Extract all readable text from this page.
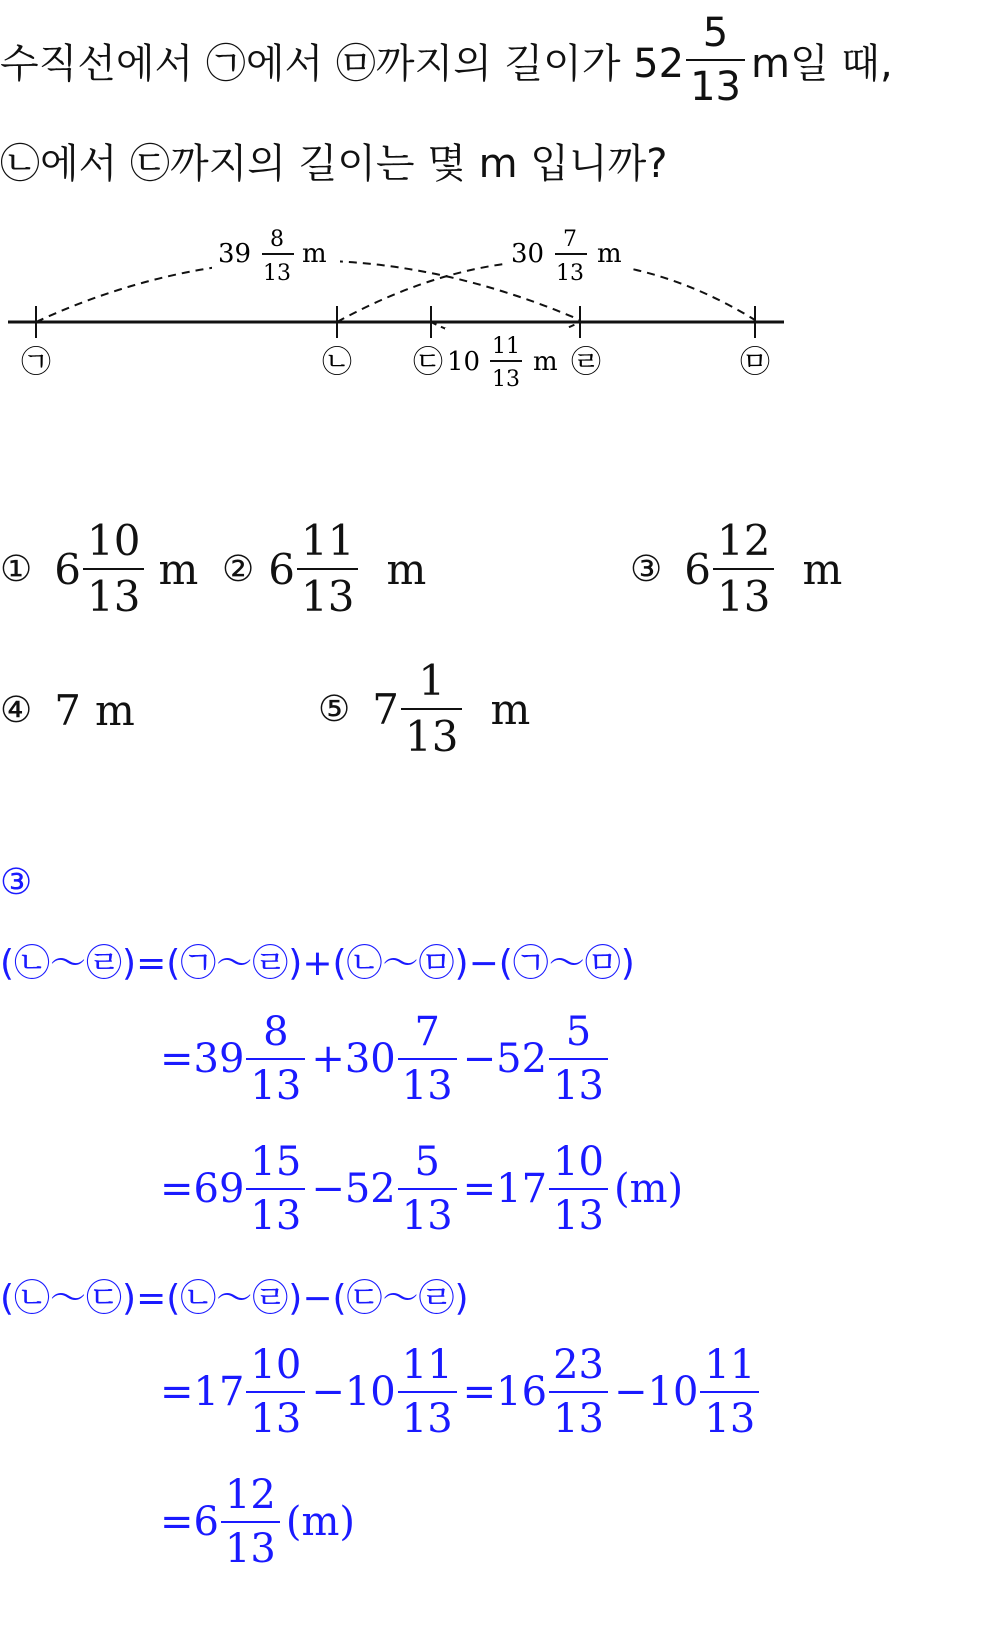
수직선에서 ㉠에서 ㉤까지의 길이가 $52 \frac{5}{13}$ m일 때,
㉡에서 ㉢까지의 길이는 몇 m 입니까?
39 8
13
m	30 7
13
m
10
11
13
m
㉠	㉡ ㉢	㉣	㉤
① $6 \frac{10}{13}$ m ② $6 \frac{11}{13}$ m	③ $6 \frac{12}{13}$ m
④ 7 m	⑤ $7 \frac{1}{13}$ m
③
(㉡～㉣)=(㉠～㉣)+(㉡～㉤)−(㉠～㉤)
= $39 \frac{8}{13} + 30 \frac{7}{13} - 52 \frac{5}{13}$
= $69 \frac{15}{13} - 52 \frac{5}{13} = 17 \frac{10}{13} (m)$
(㉡～㉢)=(㉡～㉣)−(㉢～㉣)
= $17 \frac{10}{13} - 10 \frac{11}{13} = 16 \frac{23}{13} - 10 \frac{11}{13}$
= $6 \frac{12}{13} (m)$
